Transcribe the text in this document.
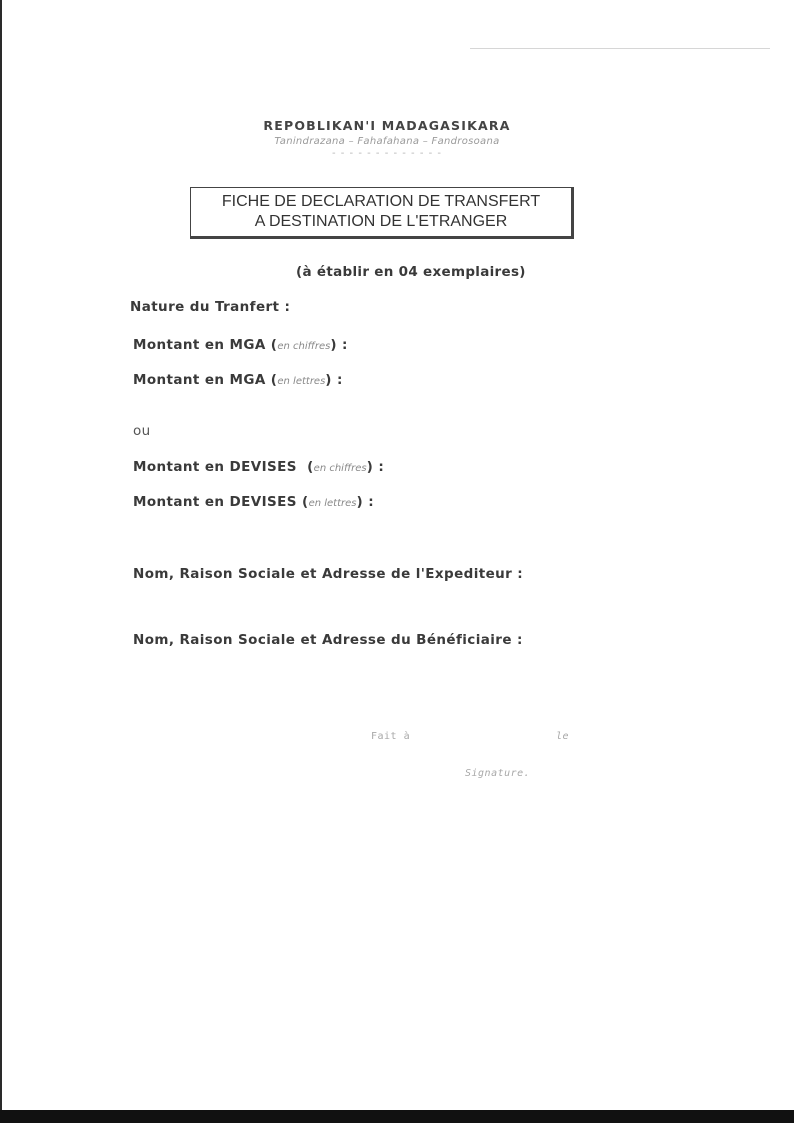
REPOBLIKAN'I MADAGASIKARA
Tanindrazana – Fahafahana – Fandrosoana
- - - - - - - - - - - - -
FICHE DE DECLARATION DE TRANSFERT
A DESTINATION DE L'ETRANGER
(à établir en 04 exemplaires)
Nature du Tranfert :
Montant en MGA (en chiffres) :
Montant en MGA (en lettres) :
ou
Montant en DEVISES (en chiffres) :
Montant en DEVISES (en lettres) :
Nom, Raison Sociale et Adresse de l'Expediteur :
Nom, Raison Sociale et Adresse du Bénéficiaire :
Fait à	le
Signature.
